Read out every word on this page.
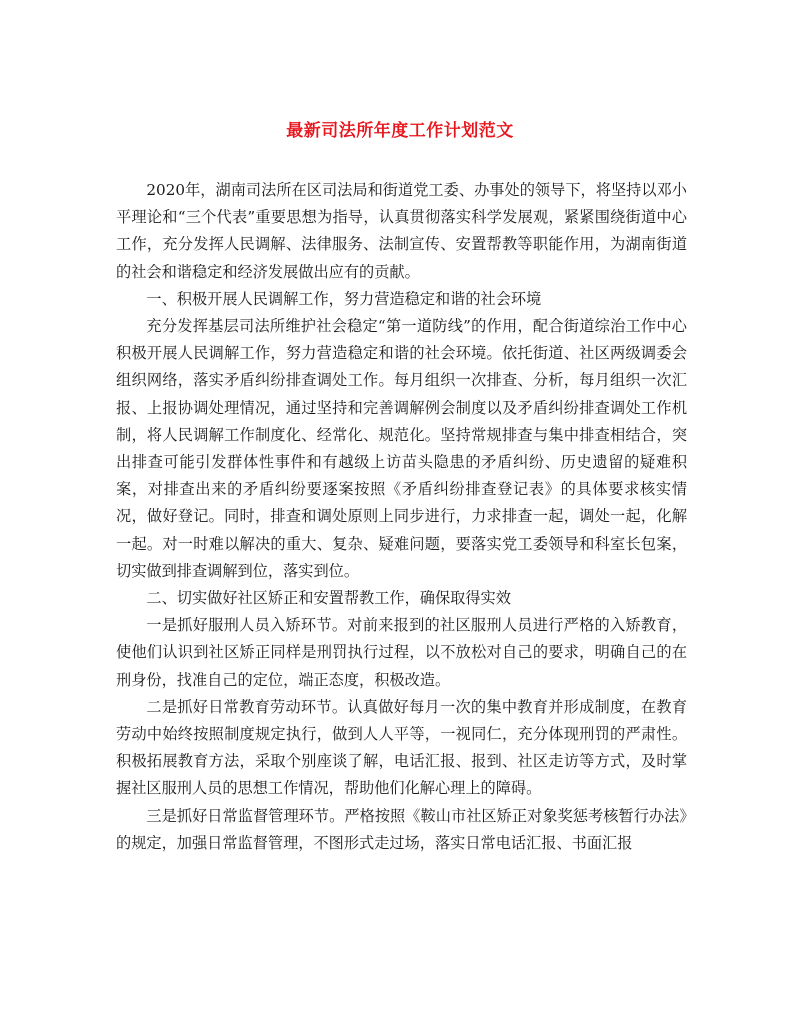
最新司法所年度工作计划范文

2020年，湖南司法所在区司法局和街道党工委、办事处的领导下，将坚持以邓小平理论和“三个代表”重要思想为指导，认真贯彻落实科学发展观，紧紧围绕街道中心工作，充分发挥人民调解、法律服务、法制宣传、安置帮教等职能作用，为湖南街道的社会和谐稳定和经济发展做出应有的贡献。

一、积极开展人民调解工作，努力营造稳定和谐的社会环境

充分发挥基层司法所维护社会稳定“第一道防线”的作用，配合街道综治工作中心积极开展人民调解工作，努力营造稳定和谐的社会环境。依托街道、社区两级调委会组织网络，落实矛盾纠纷排查调处工作。每月组织一次排查、分析，每月组织一次汇报、上报协调处理情况，通过坚持和完善调解例会制度以及矛盾纠纷排查调处工作机制，将人民调解工作制度化、经常化、规范化。坚持常规排查与集中排查相结合，突出排查可能引发群体性事件和有越级上访苗头隐患的矛盾纠纷、历史遗留的疑难积案，对排查出来的矛盾纠纷要逐案按照《矛盾纠纷排查登记表》的具体要求核实情况，做好登记。同时，排查和调处原则上同步进行，力求排查一起，调处一起，化解一起。对一时难以解决的重大、复杂、疑难问题，要落实党工委领导和科室长包案，切实做到排查调解到位，落实到位。

二、切实做好社区矫正和安置帮教工作，确保取得实效

一是抓好服刑人员入矫环节。对前来报到的社区服刑人员进行严格的入矫教育，使他们认识到社区矫正同样是刑罚执行过程，以不放松对自己的要求，明确自己的在刑身份，找准自己的定位，端正态度，积极改造。

二是抓好日常教育劳动环节。认真做好每月一次的集中教育并形成制度，在教育劳动中始终按照制度规定执行，做到人人平等，一视同仁，充分体现刑罚的严肃性。积极拓展教育方法，采取个别座谈了解，电话汇报、报到、社区走访等方式，及时掌握社区服刑人员的思想工作情况，帮助他们化解心理上的障碍。

三是抓好日常监督管理环节。严格按照《鞍山市社区矫正对象奖惩考核暂行办法》的规定，加强日常监督管理，不图形式走过场，落实日常电话汇报、书面汇报
